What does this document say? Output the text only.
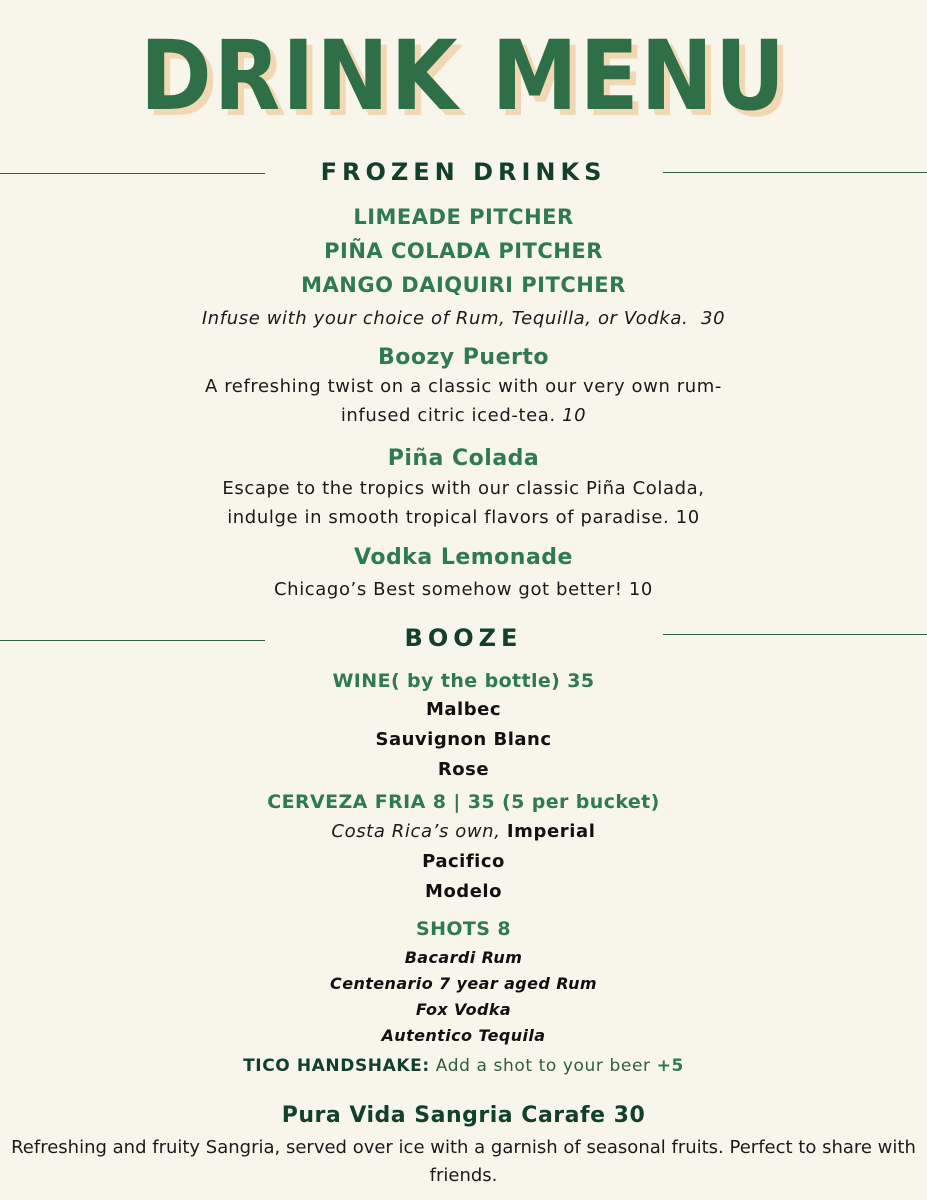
DRINK MENU
FROZEN DRINKS
LIMEADE PITCHER
PIÑA COLADA PITCHER
MANGO DAIQUIRI PITCHER
Infuse with your choice of Rum, Tequilla, or Vodka. 30
Boozy Puerto
A refreshing twist on a classic with our very own rum-
infused citric iced-tea. 10
Piña Colada
Escape to the tropics with our classic Piña Colada,
indulge in smooth tropical flavors of paradise. 10
Vodka Lemonade
Chicago’s Best somehow got better! 10
BOOZE
WINE( by the bottle) 35
Malbec
Sauvignon Blanc
Rose
CERVEZA FRIA 8 | 35 (5 per bucket)
Costa Rica’s own, Imperial
Pacifico
Modelo
SHOTS 8
Bacardi Rum
Centenario 7 year aged Rum
Fox Vodka
Autentico Tequila
TICO HANDSHAKE: Add a shot to your beer +5
Pura Vida Sangria Carafe 30
Refreshing and fruity Sangria, served over ice with a garnish of seasonal fruits. Perfect to share with friends.
